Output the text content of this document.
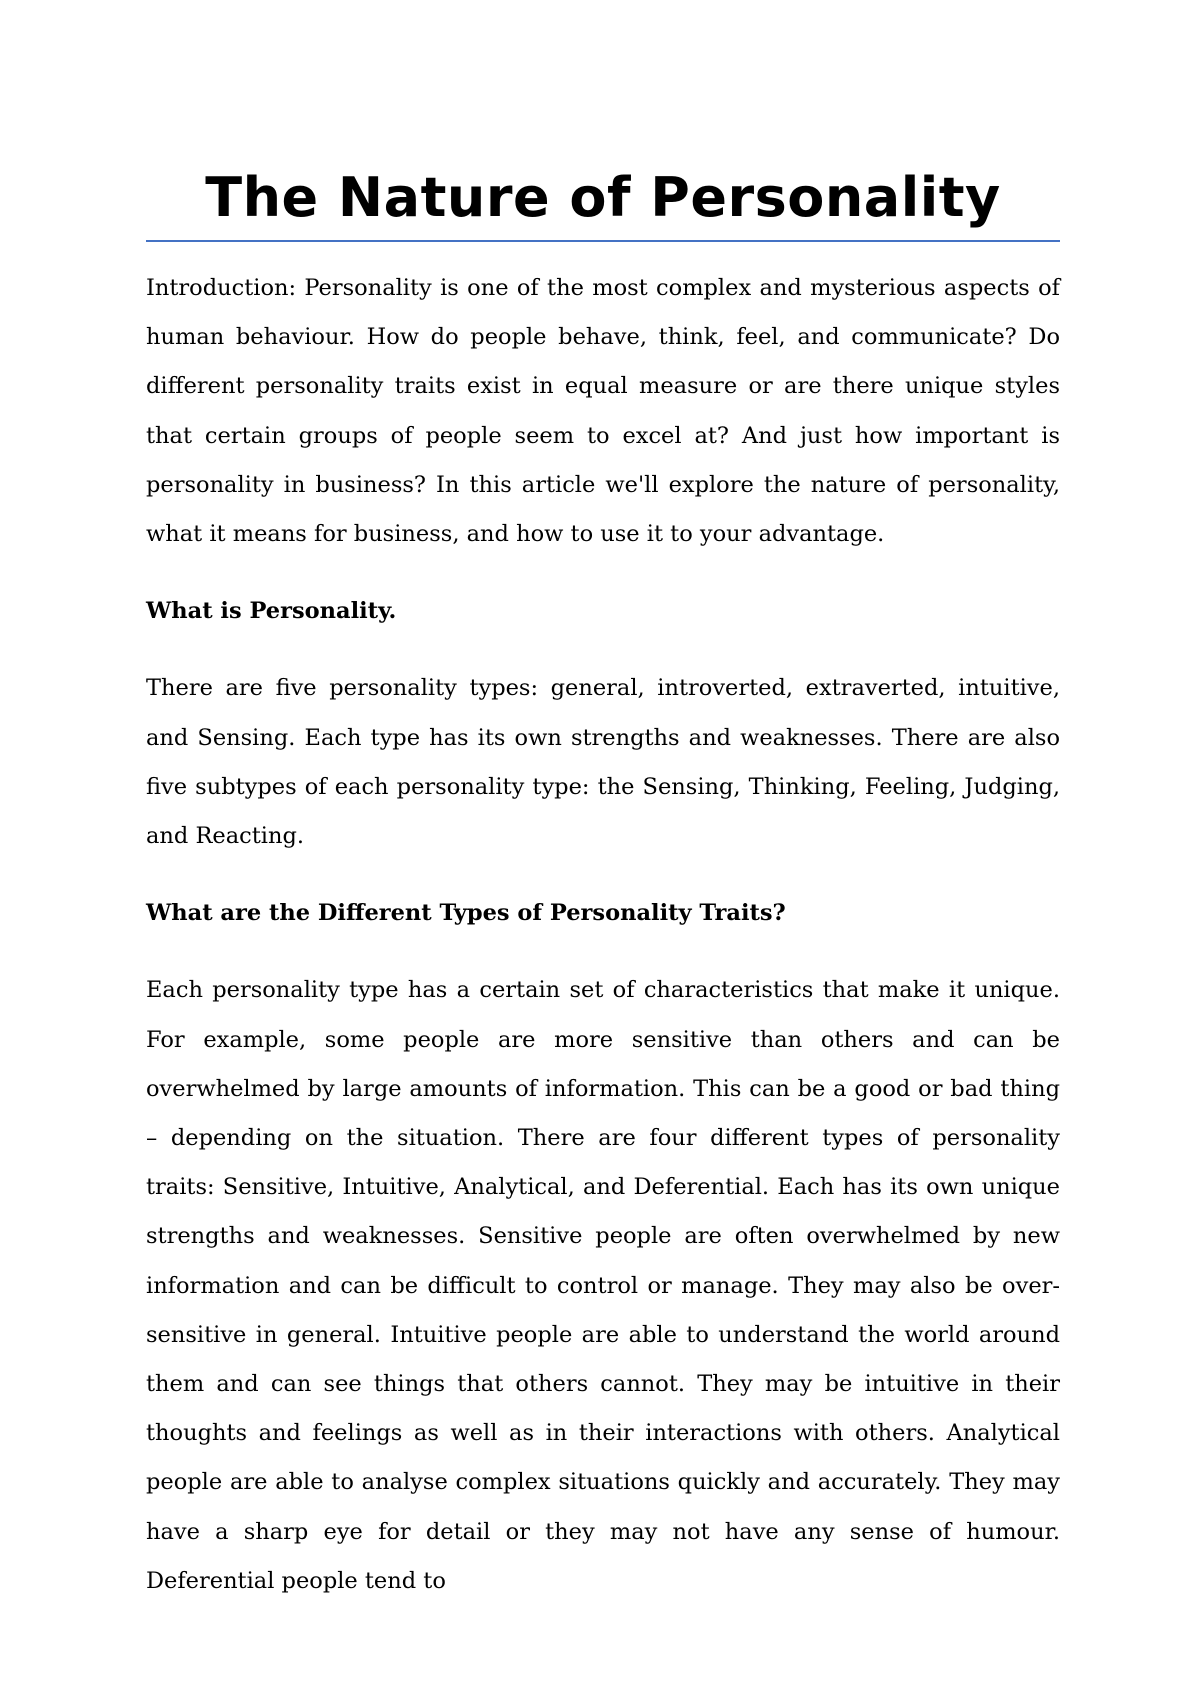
The Nature of Personality

Introduction: Personality is one of the most complex and mysterious aspects of human behaviour. How do people behave, think, feel, and communicate? Do different personality traits exist in equal measure or are there unique styles that certain groups of people seem to excel at? And just how important is personality in business? In this article we'll explore the nature of personality, what it means for business, and how to use it to your advantage.

What is Personality.

There are five personality types: general, introverted, extraverted, intuitive, and Sensing. Each type has its own strengths and weaknesses. There are also five subtypes of each personality type: the Sensing, Thinking, Feeling, Judging, and Reacting.

What are the Different Types of Personality Traits?

Each personality type has a certain set of characteristics that make it unique. For example, some people are more sensitive than others and can be overwhelmed by large amounts of information. This can be a good or bad thing – depending on the situation. There are four different types of personality traits: Sensitive, Intuitive, Analytical, and Deferential. Each has its own unique strengths and weaknesses. Sensitive people are often overwhelmed by new information and can be difficult to control or manage. They may also be over-sensitive in general. Intuitive people are able to understand the world around them and can see things that others cannot. They may be intuitive in their thoughts and feelings as well as in their interactions with others. Analytical people are able to analyse complex situations quickly and accurately. They may have a sharp eye for detail or they may not have any sense of humour. Deferential people tend to
